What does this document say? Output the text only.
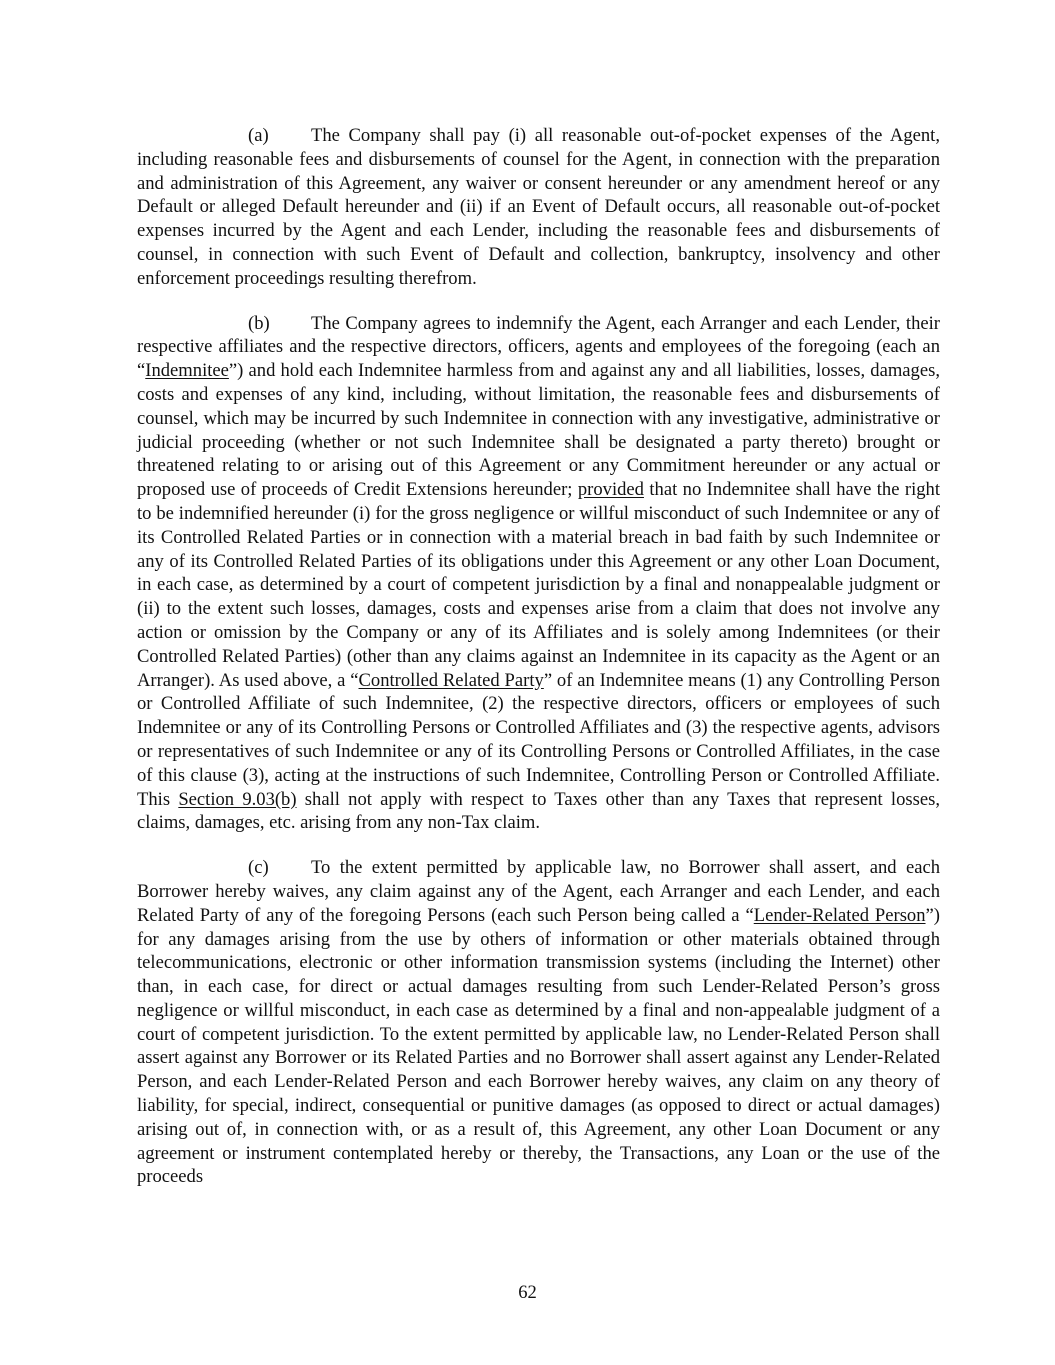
(a) The Company shall pay (i) all reasonable out-of-pocket expenses of the Agent, including reasonable fees and disbursements of counsel for the Agent, in connection with the preparation and administration of this Agreement, any waiver or consent hereunder or any amendment hereof or any Default or alleged Default hereunder and (ii) if an Event of Default occurs, all reasonable out-of-pocket expenses incurred by the Agent and each Lender, including the reasonable fees and disbursements of counsel, in connection with such Event of Default and collection, bankruptcy, insolvency and other enforcement proceedings resulting therefrom.

(b) The Company agrees to indemnify the Agent, each Arranger and each Lender, their respective affiliates and the respective directors, officers, agents and employees of the foregoing (each an “Indemnitee”) and hold each Indemnitee harmless from and against any and all liabilities, losses, damages, costs and expenses of any kind, including, without limitation, the reasonable fees and disbursements of counsel, which may be incurred by such Indemnitee in connection with any investigative, administrative or judicial proceeding (whether or not such Indemnitee shall be designated a party thereto) brought or threatened relating to or arising out of this Agreement or any Commitment hereunder or any actual or proposed use of proceeds of Credit Extensions hereunder; provided that no Indemnitee shall have the right to be indemnified hereunder (i) for the gross negligence or willful misconduct of such Indemnitee or any of its Controlled Related Parties or in connection with a material breach in bad faith by such Indemnitee or any of its Controlled Related Parties of its obligations under this Agreement or any other Loan Document, in each case, as determined by a court of competent jurisdiction by a final and nonappealable judgment or (ii) to the extent such losses, damages, costs and expenses arise from a claim that does not involve any action or omission by the Company or any of its Affiliates and is solely among Indemnitees (or their Controlled Related Parties) (other than any claims against an Indemnitee in its capacity as the Agent or an Arranger). As used above, a “Controlled Related Party” of an Indemnitee means (1) any Controlling Person or Controlled Affiliate of such Indemnitee, (2) the respective directors, officers or employees of such Indemnitee or any of its Controlling Persons or Controlled Affiliates and (3) the respective agents, advisors or representatives of such Indemnitee or any of its Controlling Persons or Controlled Affiliates, in the case of this clause (3), acting at the instructions of such Indemnitee, Controlling Person or Controlled Affiliate. This Section 9.03(b) shall not apply with respect to Taxes other than any Taxes that represent losses, claims, damages, etc. arising from any non-Tax claim.

(c) To the extent permitted by applicable law, no Borrower shall assert, and each Borrower hereby waives, any claim against any of the Agent, each Arranger and each Lender, and each Related Party of any of the foregoing Persons (each such Person being called a “Lender-Related Person”) for any damages arising from the use by others of information or other materials obtained through telecommunications, electronic or other information transmission systems (including the Internet) other than, in each case, for direct or actual damages resulting from such Lender-Related Person’s gross negligence or willful misconduct, in each case as determined by a final and non-appealable judgment of a court of competent jurisdiction. To the extent permitted by applicable law, no Lender-Related Person shall assert against any Borrower or its Related Parties and no Borrower shall assert against any Lender-Related Person, and each Lender-Related Person and each Borrower hereby waives, any claim on any theory of liability, for special, indirect, consequential or punitive damages (as opposed to direct or actual damages) arising out of, in connection with, or as a result of, this Agreement, any other Loan Document or any agreement or instrument contemplated hereby or thereby, the Transactions, any Loan or the use of the proceeds

62
